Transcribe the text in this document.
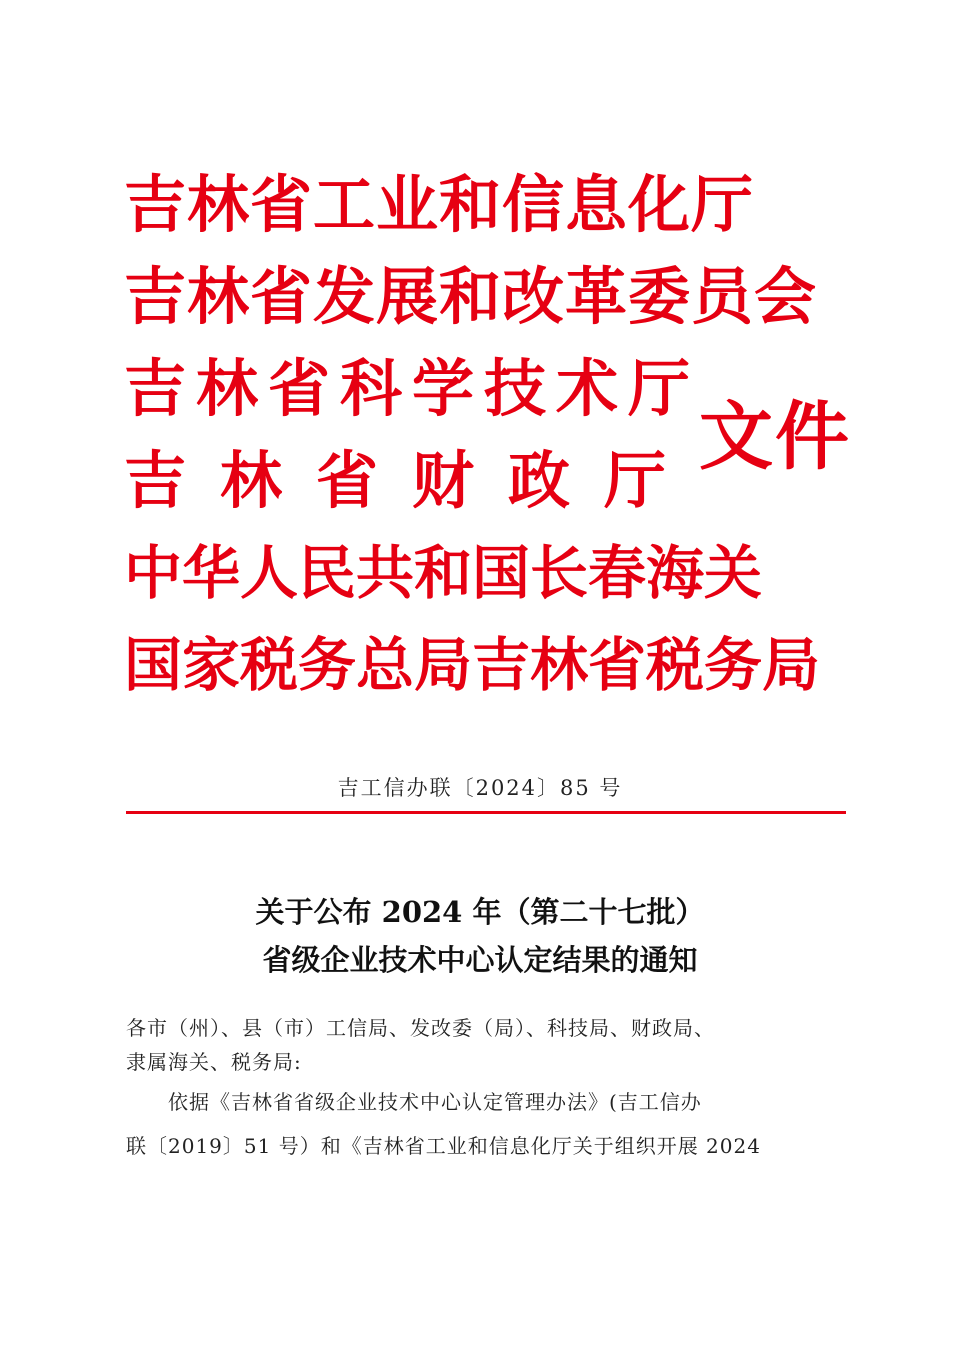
吉林省工业和信息化厅
吉林省发展和改革委员会
吉林省科学技术厅
吉林省财政厅
中华人民共和国长春海关
国家税务总局吉林省税务局
文件
吉工信办联〔2024〕85 号
关于公布 2024 年（第二十七批）
省级企业技术中心认定结果的通知
各市（州）、县（市）工信局、发改委（局）、科技局、财政局、
隶属海关、税务局:
依据《吉林省省级企业技术中心认定管理办法》(吉工信办
联〔2019〕51 号）和《吉林省工业和信息化厅关于组织开展 2024
